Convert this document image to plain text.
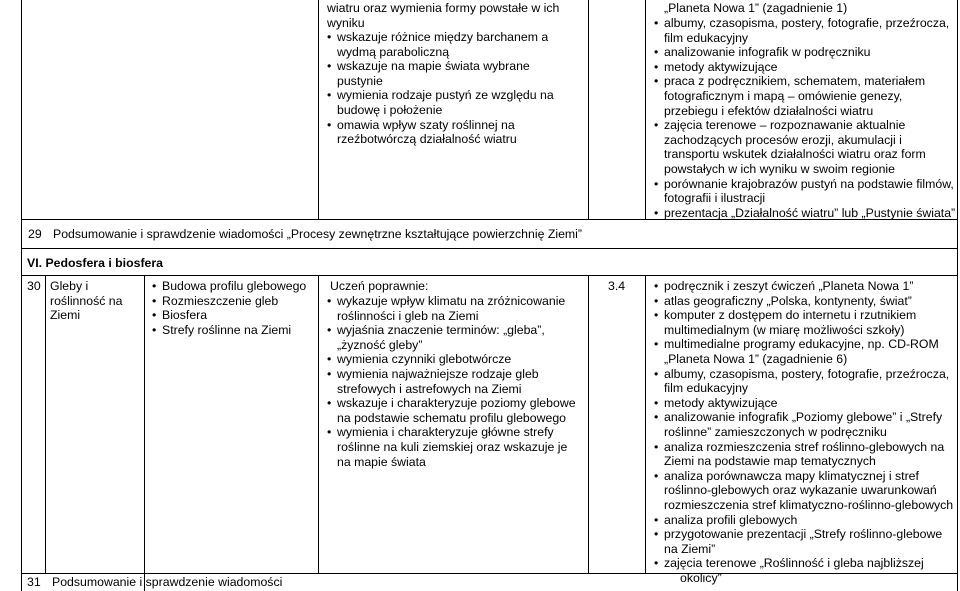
wiatru oraz wymienia formy powstałe w ich
wyniku
• wskazuje różnice między barchanem a
wydmą paraboliczną
• wskazuje na mapie świata wybrane
pustynie
• wymienia rodzaje pustyń ze względu na
budowę i położenie
• omawia wpływ szaty roślinnej na
rzeźbotwórczą działalność wiatru
„Planeta Nowa 1” (zagadnienie 1)
• albumy, czasopisma, postery, fotografie, przeźrocza,
film edukacyjny
• analizowanie infografik w podręczniku
• metody aktywizujące
• praca z podręcznikiem, schematem, materiałem
fotograficznym i mapą – omówienie genezy,
przebiegu i efektów działalności wiatru
• zajęcia terenowe – rozpoznawanie aktualnie
zachodzących procesów erozji, akumulacji i
transportu wskutek działalności wiatru oraz form
powstałych w ich wyniku w swoim regionie
• porównanie krajobrazów pustyń na podstawie filmów,
fotografii i ilustracji
• prezentacja „Działalność wiatru” lub „Pustynie świata”
29 Podsumowanie i sprawdzenie wiadomości „Procesy zewnętrzne kształtujące powierzchnię Ziemi”
VI. Pedosfera i biosfera
30 Gleby i
roślinność na
Ziemi
• Budowa profilu glebowego
• Rozmieszczenie gleb
• Biosfera
• Strefy roślinne na Ziemi
Uczeń poprawnie:
• wykazuje wpływ klimatu na zróżnicowanie
roślinności i gleb na Ziemi
• wyjaśnia znaczenie terminów: „gleba”,
„żyzność gleby”
• wymienia czynniki glebotwórcze
• wymienia najważniejsze rodzaje gleb
strefowych i astrefowych na Ziemi
• wskazuje i charakteryzuje poziomy glebowe
na podstawie schematu profilu glebowego
• wymienia i charakteryzuje główne strefy
roślinne na kuli ziemskiej oraz wskazuje je
na mapie świata
3.4
•	podręcznik i zeszyt ćwiczeń „Planeta Nowa 1”
• atlas geograficzny „Polska, kontynenty, świat”
• komputer z dostępem do internetu i rzutnikiem
multimedialnym (w miarę możliwości szkoły)
• multimedialne programy edukacyjne, np. CD-ROM
„Planeta Nowa 1” (zagadnienie 6)
• albumy, czasopisma, postery, fotografie, przeźrocza,
film edukacyjny
• metody aktywizujące
• analizowanie infografik „Poziomy glebowe” i „Strefy
roślinne” zamieszczonych w podręczniku
• analiza rozmieszczenia stref roślinno-glebowych na
Ziemi na podstawie map tematycznych
• analiza porównawcza mapy klimatycznej i stref
roślinno-glebowych oraz wykazanie uwarunkowań
rozmieszczenia stref klimatyczno-roślinno-glebowych
• analiza profili glebowych
• przygotowanie prezentacji „Strefy roślinno-glebowe
na Ziemi”
• zajęcia terenowe „Roślinność i gleba najbliższej
okolicy”
31 Podsumowanie i sprawdzenie wiadomości
